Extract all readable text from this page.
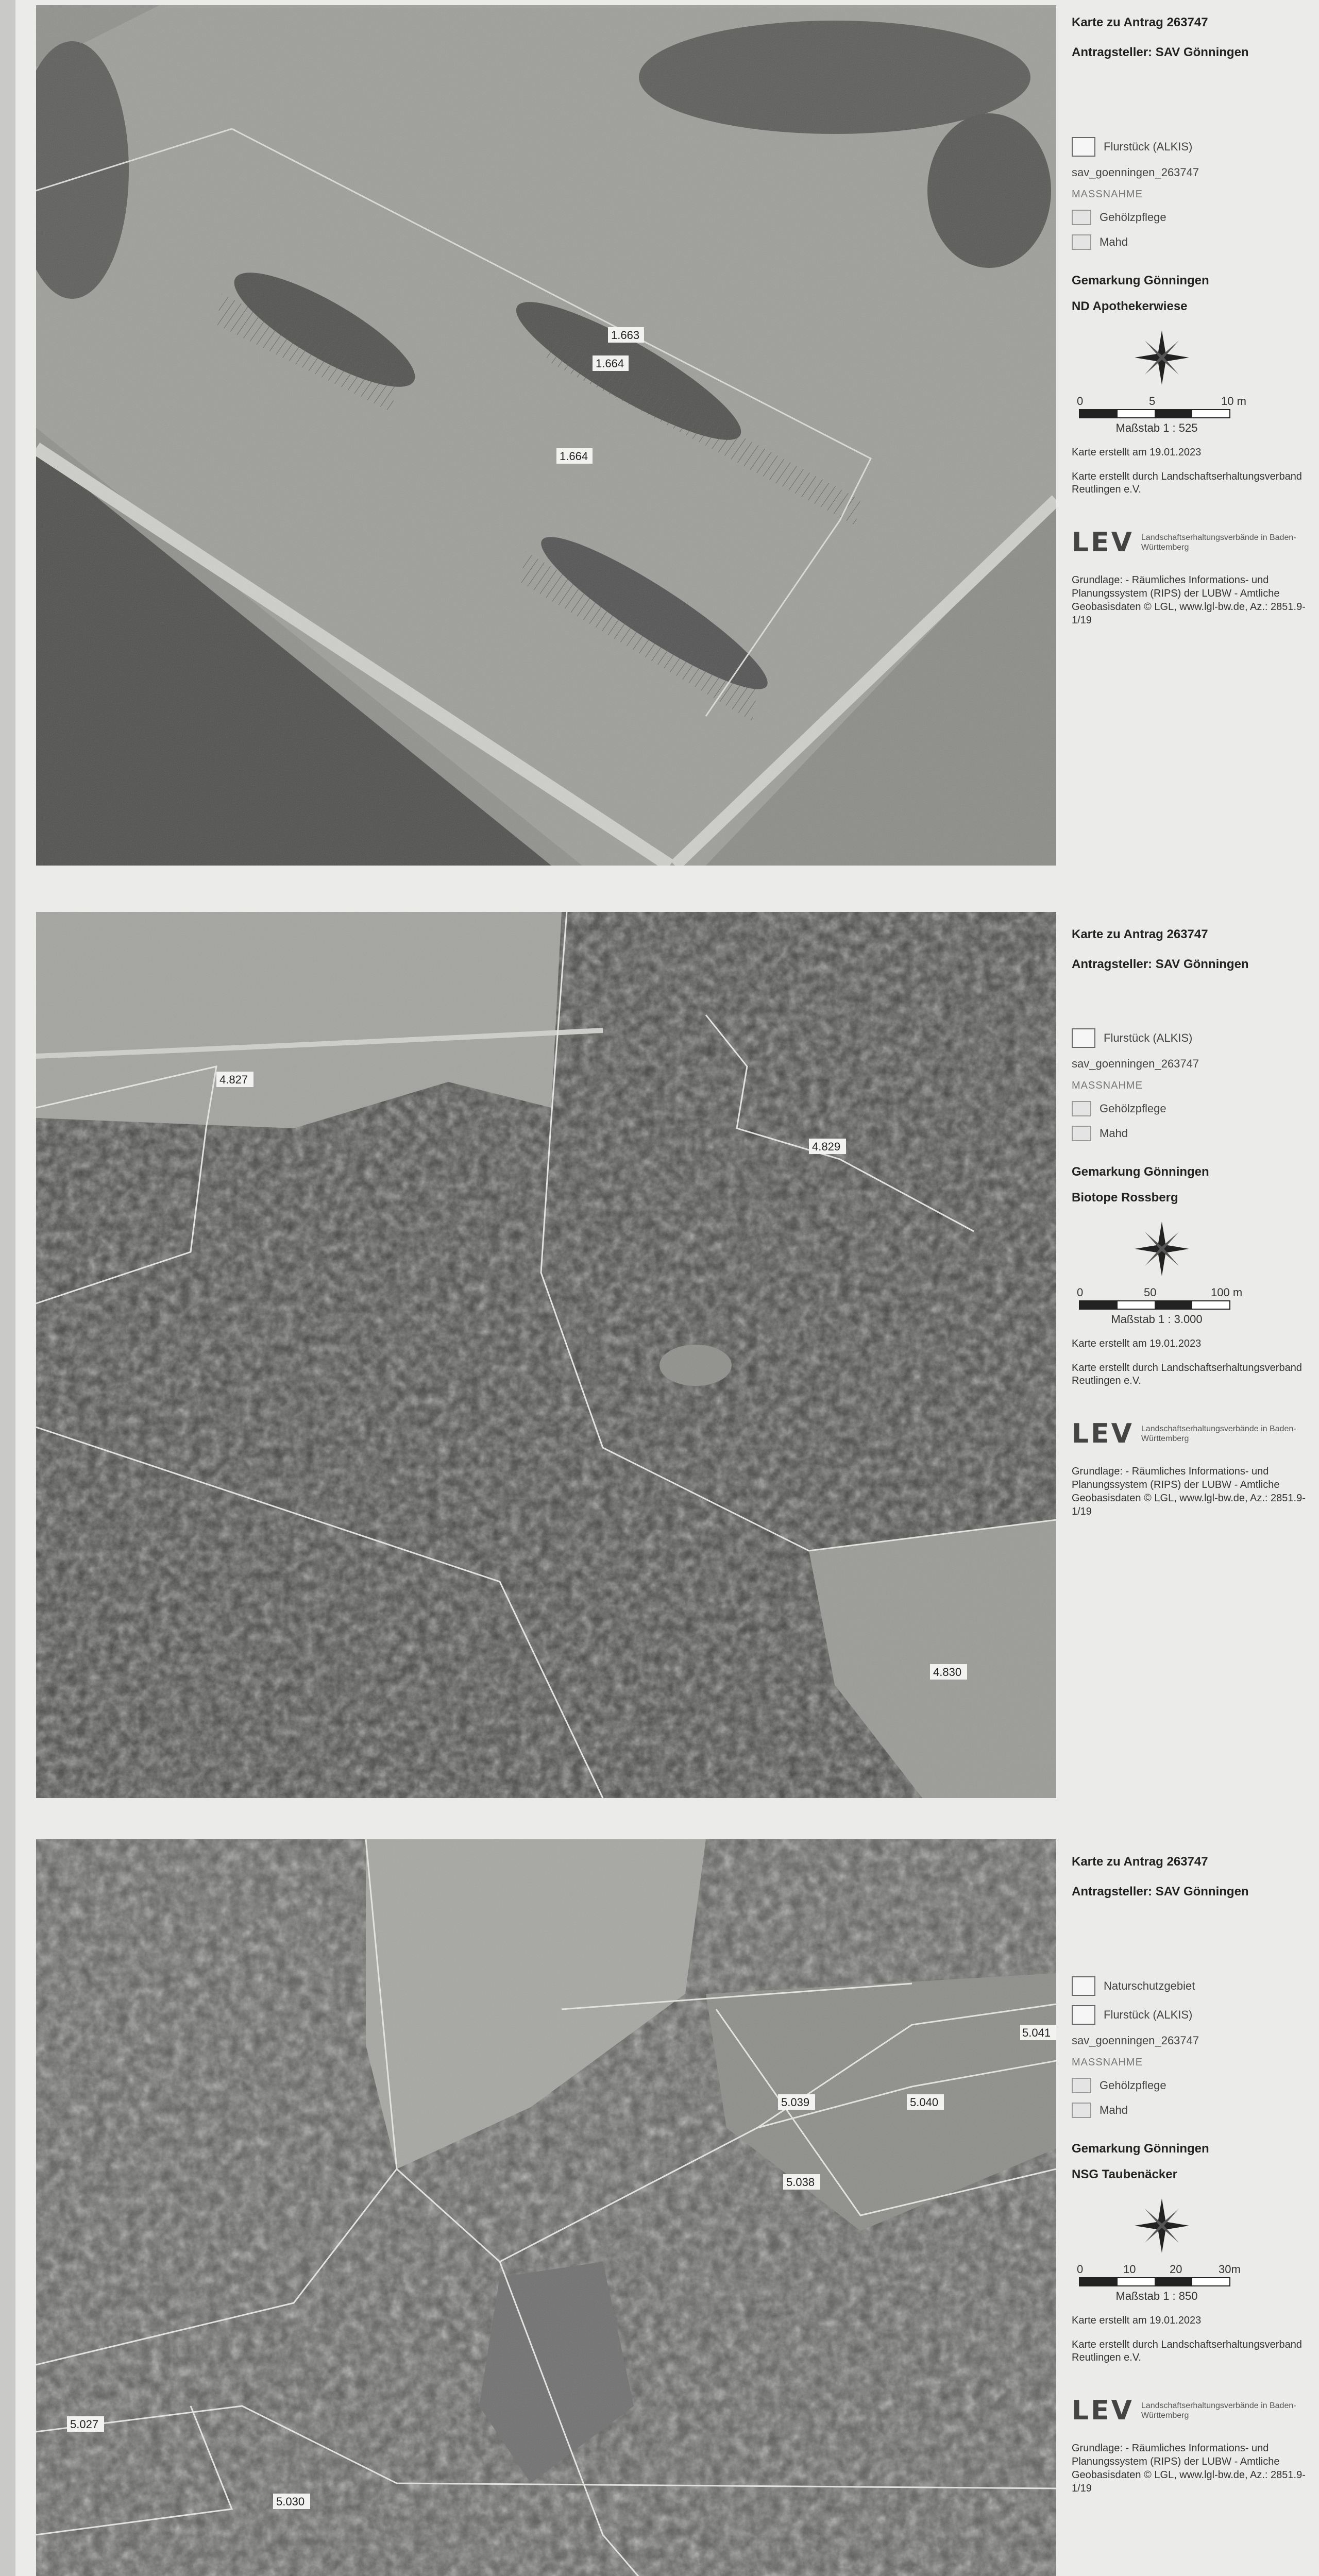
1.663
1.664
1.664
Karte zu Antrag 263747
Antragsteller: SAV Gönningen
Flurstück (ALKIS)
sav_goenningen_263747
MASSNAHME
Gehölzpflege
Mahd
Gemarkung Gönningen
ND Apothekerwiese
0	5	10 m
Maßstab 1 : 525
Karte erstellt am 19.01.2023
Karte erstellt durch Landschaftserhaltungsverband Reutlingen e.V.
LEV Landschaftserhaltungsverbände in Baden-Württemberg
Grundlage: - Räumliches Informations- und Planungssystem (RIPS) der LUBW - Amtliche Geobasisdaten © LGL, www.lgl-bw.de, Az.: 2851.9-1/19
4.827
4.829
4.830
Karte zu Antrag 263747
Antragsteller: SAV Gönningen
Flurstück (ALKIS)
sav_goenningen_263747
MASSNAHME
Gehölzpflege
Mahd
Gemarkung Gönningen
Biotope Rossberg
0	50	100 m
Maßstab 1 : 3.000
Karte erstellt am 19.01.2023
Karte erstellt durch Landschaftserhaltungsverband Reutlingen e.V.
LEV Landschaftserhaltungsverbände in Baden-Württemberg
Grundlage: - Räumliches Informations- und Planungssystem (RIPS) der LUBW - Amtliche Geobasisdaten © LGL, www.lgl-bw.de, Az.: 2851.9-1/19
5.041
5.039	5.040
5.038
5.027
5.030
Karte zu Antrag 263747
Antragsteller: SAV Gönningen
Naturschutzgebiet
Flurstück (ALKIS)
sav_goenningen_263747
MASSNAHME
Gehölzpflege
Mahd
Gemarkung Gönningen
NSG Taubenäcker
0	10	20	30m
Maßstab 1 : 850
Karte erstellt am 19.01.2023
Karte erstellt durch Landschaftserhaltungsverband Reutlingen e.V.
LEV Landschaftserhaltungsverbände in Baden-Württemberg
Grundlage: - Räumliches Informations- und Planungssystem (RIPS) der LUBW - Amtliche Geobasisdaten © LGL, www.lgl-bw.de, Az.: 2851.9-1/19
